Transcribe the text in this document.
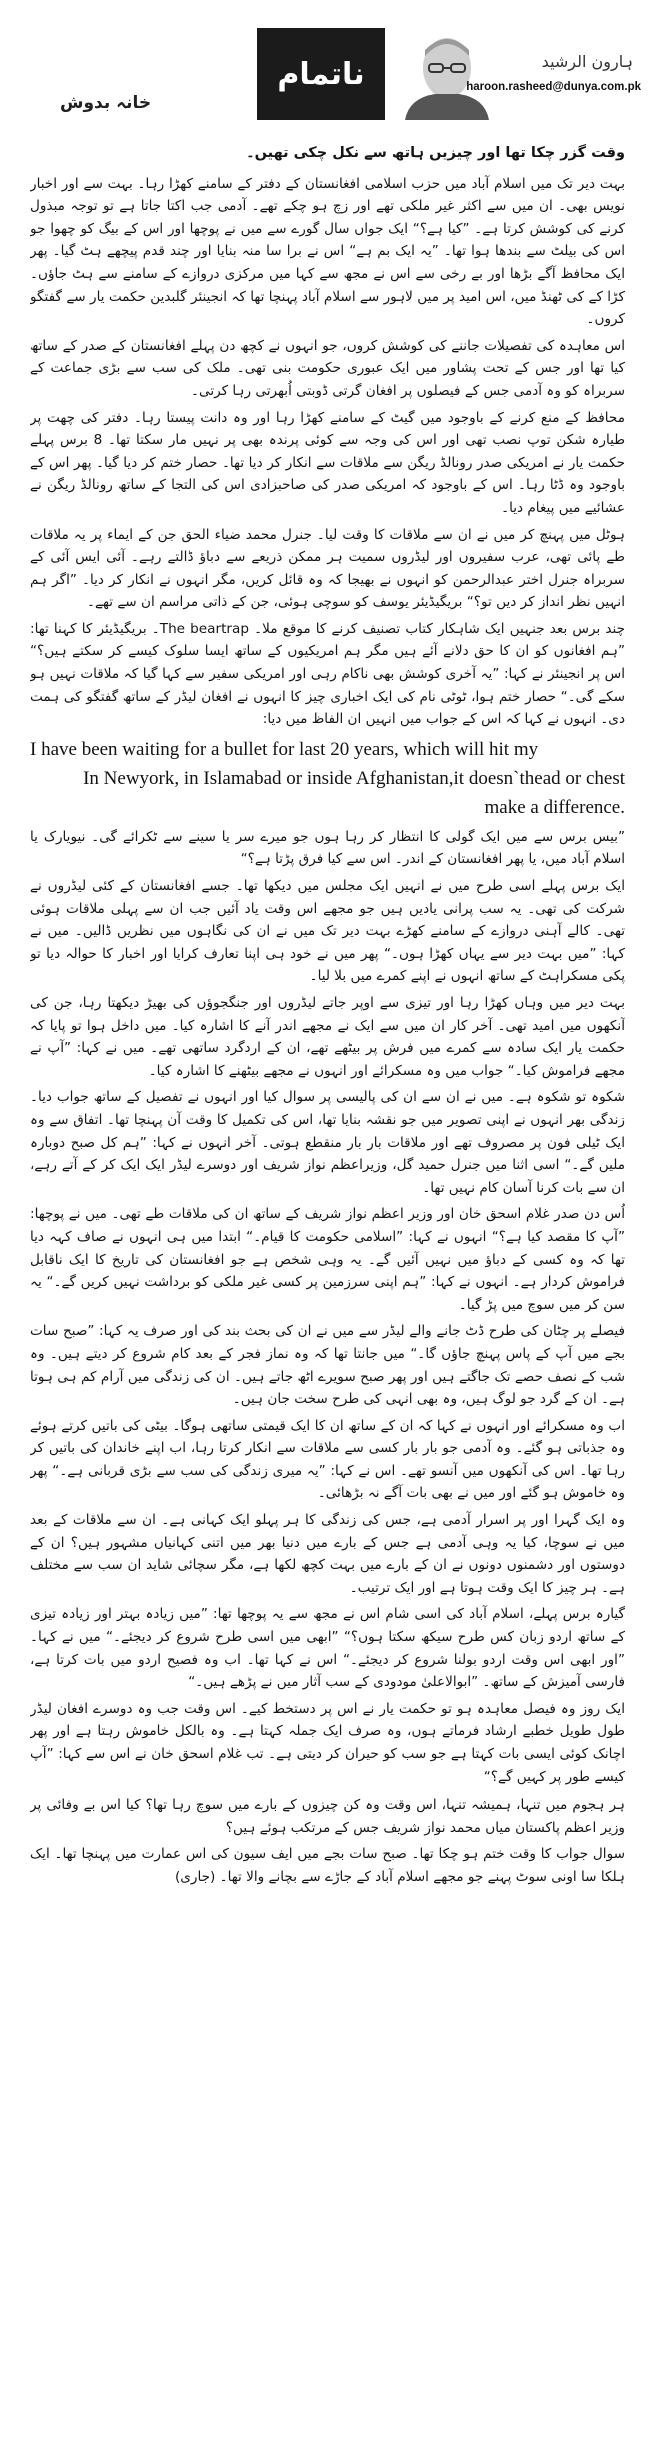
ناتمام	ہارون الرشید
haroon.rasheed@dunya.com.pk
خانہ بدوش

وقت گزر چکا تھا اور چیزیں ہاتھ سے نکل چکی تھیں۔

بہت دیر تک میں اسلام آباد میں حزب اسلامی افغانستان کے دفتر کے سامنے کھڑا رہا۔ بہت سے اور اخبار نویس بھی۔ ان میں سے اکثر غیر ملکی تھے اور زچ ہو چکے تھے۔ آدمی جب اکتا جاتا ہے تو توجہ مبذول کرنے کی کوشش کرتا ہے۔ ”کیا ہے؟“ ایک جواں سال گورے سے میں نے پوچھا اور اس کے بیگ کو چھوا جو اس کی بیلٹ سے بندھا ہوا تھا۔ ”یہ ایک بم ہے“ اس نے برا سا منہ بنایا اور چند قدم پیچھے ہٹ گیا۔ پھر ایک محافظ آگے بڑھا اور بے رخی سے اس نے مجھ سے کہا میں مرکزی دروازے کے سامنے سے ہٹ جاؤں۔ کڑا کے کی ٹھنڈ میں، اس امید پر میں لاہور سے اسلام آباد پہنچا تھا کہ انجینئر گلبدین حکمت یار سے گفتگو کروں۔

اس معاہدہ کی تفصیلات جاننے کی کوشش کروں، جو انہوں نے کچھ دن پہلے افغانستان کے صدر کے ساتھ کیا تھا اور جس کے تحت پشاور میں ایک عبوری حکومت بنی تھی۔ ملک کی سب سے بڑی جماعت کے سربراہ کو وہ آدمی جس کے فیصلوں پر افغان گرتی ڈوبتی اُبھرتی رہا کرتی۔

محافظ کے منع کرنے کے باوجود میں گیٹ کے سامنے کھڑا رہا اور وہ دانت پیستا رہا۔ دفتر کی چھت پر طیارہ شکن توپ نصب تھی اور اس کی وجہ سے کوئی پرندہ بھی پر نہیں مار سکتا تھا۔ 8 برس پہلے حکمت یار نے امریکی صدر رونالڈ ریگن سے ملاقات سے انکار کر دیا تھا۔ حصار ختم کر دیا گیا۔ پھر اس کے باوجود وہ ڈٹا رہا۔ اس کے باوجود کہ امریکی صدر کی صاحبزادی اس کی التجا کے ساتھ رونالڈ ریگن نے عشائیے میں پیغام دیا۔

ہوٹل میں پہنچ کر میں نے ان سے ملاقات کا وقت لیا۔ جنرل محمد ضیاء الحق جن کے ایماء پر یہ ملاقات طے پائی تھی، عرب سفیروں اور لیڈروں سمیت ہر ممکن ذریعے سے دباؤ ڈالتے رہے۔ آئی ایس آئی کے سربراہ جنرل اختر عبدالرحمن کو انہوں نے بھیجا کہ وہ قائل کریں، مگر انہوں نے انکار کر دیا۔ ”اگر ہم انہیں نظر انداز کر دیں تو؟“ بریگیڈیئر یوسف کو سوچی ہوئی، جن کے ذاتی مراسم ان سے تھے۔

چند برس بعد جنہیں ایک شاہکار کتاب تصنیف کرنے کا موقع ملا۔ The beartrap۔ بریگیڈیئر کا کہنا تھا: ”ہم افغانوں کو ان کا حق دلانے آئے ہیں مگر ہم امریکیوں کے ساتھ ایسا سلوک کیسے کر سکتے ہیں؟“ اس پر انجینئر نے کہا: ”یہ آخری کوشش بھی ناکام رہی اور امریکی سفیر سے کہا گیا کہ ملاقات نہیں ہو سکے گی۔“ حصار ختم ہوا، ٹوٹی نام کی ایک اخباری چیز کا انہوں نے افغان لیڈر کے ساتھ گفتگو کی ہمت دی۔ انہوں نے کہا کہ اس کے جواب میں انہیں ان الفاظ میں دیا:

I have been waiting for a bullet for last 20 years, which will hit my
In Newyork, in Islamabad or inside Afghanistan,it doesn`thead or chest
make a difference.

”بیس برس سے میں ایک گولی کا انتظار کر رہا ہوں جو میرے سر یا سینے سے ٹکرائے گی۔ نیویارک یا اسلام آباد میں، یا پھر افغانستان کے اندر۔ اس سے کیا فرق پڑتا ہے؟“

ایک برس پہلے اسی طرح میں نے انہیں ایک مجلس میں دیکھا تھا۔ جسے افغانستان کے کئی لیڈروں نے شرکت کی تھی۔ یہ سب پرانی یادیں ہیں جو مجھے اس وقت یاد آئیں جب ان سے پہلی ملاقات ہوئی تھی۔ کالے آہنی دروازے کے سامنے کھڑے بہت دیر تک میں نے ان کی نگاہوں میں نظریں ڈالیں۔ میں نے کہا: ”میں بہت دیر سے یہاں کھڑا ہوں۔“ پھر میں نے خود ہی اپنا تعارف کرایا اور اخبار کا حوالہ دیا تو پکی مسکراہٹ کے ساتھ انہوں نے اپنے کمرے میں بلا لیا۔

بہت دیر میں وہاں کھڑا رہا اور تیزی سے اوپر جاتے لیڈروں اور جنگجوؤں کی بھیڑ دیکھتا رہا، جن کی آنکھوں میں امید تھی۔ آخر کار ان میں سے ایک نے مجھے اندر آنے کا اشارہ کیا۔ میں داخل ہوا تو پایا کہ حکمت یار ایک سادہ سے کمرے میں فرش پر بیٹھے تھے، ان کے اردگرد ساتھی تھے۔ میں نے کہا: ”آپ نے مجھے فراموش کیا۔“ جواب میں وہ مسکرائے اور انہوں نے مجھے بیٹھنے کا اشارہ کیا۔

شکوہ تو شکوہ ہے۔ میں نے ان سے ان کی پالیسی پر سوال کیا اور انہوں نے تفصیل کے ساتھ جواب دیا۔ زندگی بھر انہوں نے اپنی تصویر میں جو نقشہ بنایا تھا، اس کی تکمیل کا وقت آن پہنچا تھا۔ اتفاق سے وہ ایک ٹیلی فون پر مصروف تھے اور ملاقات بار بار منقطع ہوتی۔ آخر انہوں نے کہا: ”ہم کل صبح دوبارہ ملیں گے۔“ اسی اثنا میں جنرل حمید گل، وزیراعظم نواز شریف اور دوسرے لیڈر ایک ایک کر کے آتے رہے، ان سے بات کرنا آسان کام نہیں تھا۔

اُس دن صدر غلام اسحق خان اور وزیر اعظم نواز شریف کے ساتھ ان کی ملاقات طے تھی۔ میں نے پوچھا: ”آپ کا مقصد کیا ہے؟“ انہوں نے کہا: ”اسلامی حکومت کا قیام۔“ ابتدا میں ہی انہوں نے صاف کہہ دیا تھا کہ وہ کسی کے دباؤ میں نہیں آئیں گے۔ یہ وہی شخص ہے جو افغانستان کی تاریخ کا ایک ناقابل فراموش کردار ہے۔ انہوں نے کہا: ”ہم اپنی سرزمین پر کسی غیر ملکی کو برداشت نہیں کریں گے۔“ یہ سن کر میں سوچ میں پڑ گیا۔

فیصلے پر چٹان کی طرح ڈٹ جانے والے لیڈر سے میں نے ان کی بحث بند کی اور صرف یہ کہا: ”صبح سات بجے میں آپ کے پاس پہنچ جاؤں گا۔“ میں جانتا تھا کہ وہ نماز فجر کے بعد کام شروع کر دیتے ہیں۔ وہ شب کے نصف حصے تک جاگتے ہیں اور پھر صبح سویرے اٹھ جاتے ہیں۔ ان کی زندگی میں آرام کم ہی ہوتا ہے۔ ان کے گرد جو لوگ ہیں، وہ بھی انہی کی طرح سخت جان ہیں۔

اب وہ مسکرائے اور انہوں نے کہا کہ ان کے ساتھ ان کا ایک قیمتی ساتھی ہوگا۔ بیٹی کی باتیں کرتے ہوئے وہ جذباتی ہو گئے۔ وہ آدمی جو بار بار کسی سے ملاقات سے انکار کرتا رہا، اب اپنے خاندان کی باتیں کر رہا تھا۔ اس کی آنکھوں میں آنسو تھے۔ اس نے کہا: ”یہ میری زندگی کی سب سے بڑی قربانی ہے۔“ پھر وہ خاموش ہو گئے اور میں نے بھی بات آگے نہ بڑھائی۔

وہ ایک گہرا اور پر اسرار آدمی ہے، جس کی زندگی کا ہر پہلو ایک کہانی ہے۔ ان سے ملاقات کے بعد میں نے سوچا، کیا یہ وہی آدمی ہے جس کے بارے میں دنیا بھر میں اتنی کہانیاں مشہور ہیں؟ ان کے دوستوں اور دشمنوں دونوں نے ان کے بارے میں بہت کچھ لکھا ہے، مگر سچائی شاید ان سب سے مختلف ہے۔ ہر چیز کا ایک وقت ہوتا ہے اور ایک ترتیب۔

گیارہ برس پہلے، اسلام آباد کی اسی شام اس نے مجھ سے یہ پوچھا تھا: ”میں زیادہ بہتر اور زیادہ تیزی کے ساتھ اردو زبان کس طرح سیکھ سکتا ہوں؟“ ”ابھی میں اسی طرح شروع کر دیجئے۔“ میں نے کہا۔ ”اور ابھی اس وقت اردو بولنا شروع کر دیجئے۔“ اس نے کہا تھا۔ اب وہ فصیح اردو میں بات کرتا ہے، فارسی آمیزش کے ساتھ۔ ”ابوالاعلیٰ مودودی کے سب آثار میں نے پڑھے ہیں۔“

ایک روز وہ فیصل معاہدہ ہو تو حکمت یار نے اس پر دستخط کیے۔ اس وقت جب وہ دوسرے افغان لیڈر طول طویل خطبے ارشاد فرماتے ہوں، وہ صرف ایک جملہ کہتا ہے۔ وہ بالکل خاموش رہتا ہے اور پھر اچانک کوئی ایسی بات کہتا ہے جو سب کو حیران کر دیتی ہے۔ تب غلام اسحق خان نے اس سے کہا: ”آپ کیسے طور پر کہیں گے؟“

ہر ہجوم میں تنہا، ہمیشہ تنہا، اس وقت وہ کن چیزوں کے بارے میں سوچ رہا تھا؟ کیا اس بے وفائی پر وزیر اعظم پاکستان میاں محمد نواز شریف جس کے مرتکب ہوئے ہیں؟

سوال جواب کا وقت ختم ہو چکا تھا۔ صبح سات بجے میں ایف سیون کی اس عمارت میں پہنچا تھا۔ ایک ہلکا سا اونی سوٹ پہنے جو مجھے اسلام آباد کے جاڑے سے بچانے والا تھا۔ (جاری)
